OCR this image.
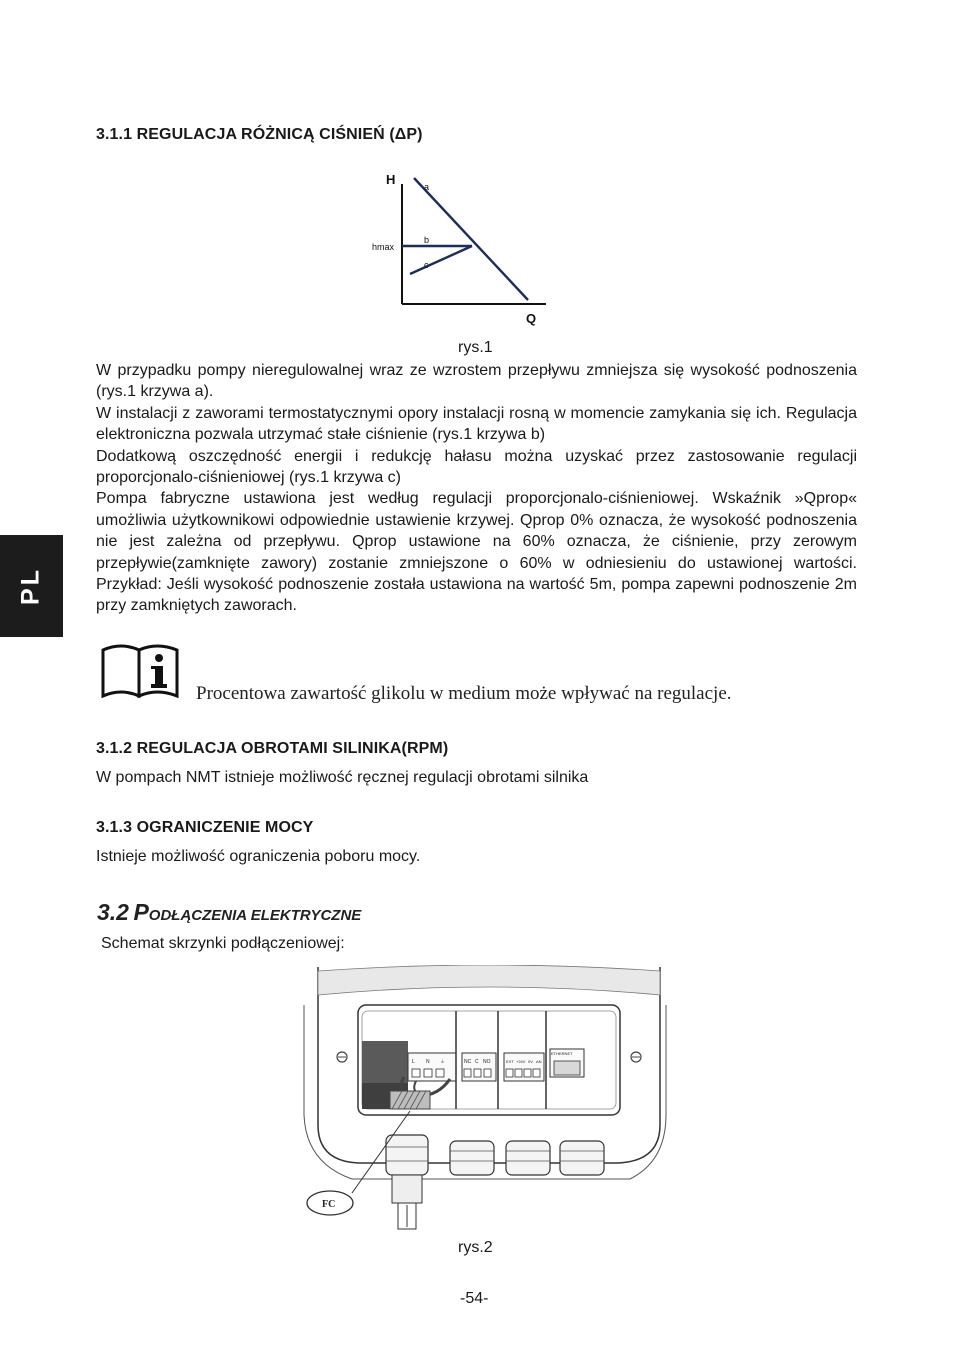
PL
3.1.1 REGULACJA RÓŻNICĄ CIŚNIEŃ (ΔP)
H
Q
hmax
a
b
c
rys.1

W przypadku pompy nieregulowalnej wraz ze wzrostem przepływu zmniejsza się wysokość podnoszenia (rys.1 krzywa a).

W instalacji z zaworami termostatycznymi opory instalacji rosną w momencie zamykania się ich. Regulacja elektroniczna pozwala utrzymać stałe ciśnienie (rys.1 krzywa b)

Dodatkową oszczędność energii i redukcję hałasu można uzyskać przez zastosowanie regulacji proporcjonalo-ciśnieniowej (rys.1 krzywa c)

Pompa fabryczne ustawiona jest według regulacji proporcjonalo-ciśnieniowej. Wskaźnik »Qprop« umożliwia użytkownikowi odpowiednie ustawienie krzywej. Qprop 0% oznacza, że wysokość podnoszenia nie jest zależna od przepływu. Qprop ustawione na 60% oznacza, że ciśnienie, przy zerowym przepływie(zamknięte zawory) zostanie zmniejszone o 60% w odniesieniu do ustawionej wartości. Przykład: Jeśli wysokość podnoszenie została ustawiona na wartość 5m, pompa zapewni podnoszenie 2m przy zamkniętych zaworach.

Procentowa zawartość glikolu w medium może wpływać na regulacje.
3.1.2 REGULACJA OBROTAMI SILINIKA(RPM)
W pompach NMT istnieje możliwość ręcznej regulacji obrotami silnika
3.1.3 OGRANICZENIE MOCY
Istnieje możliwość ograniczenia poboru mocy.
3.2 PODŁĄCZENIA ELEKTRYCZNE
Schemat skrzynki podłączeniowej:
L N ⏚	NC C NO	EXT +24V 0V AN
ETHERNET
FC
rys.2
-54-
